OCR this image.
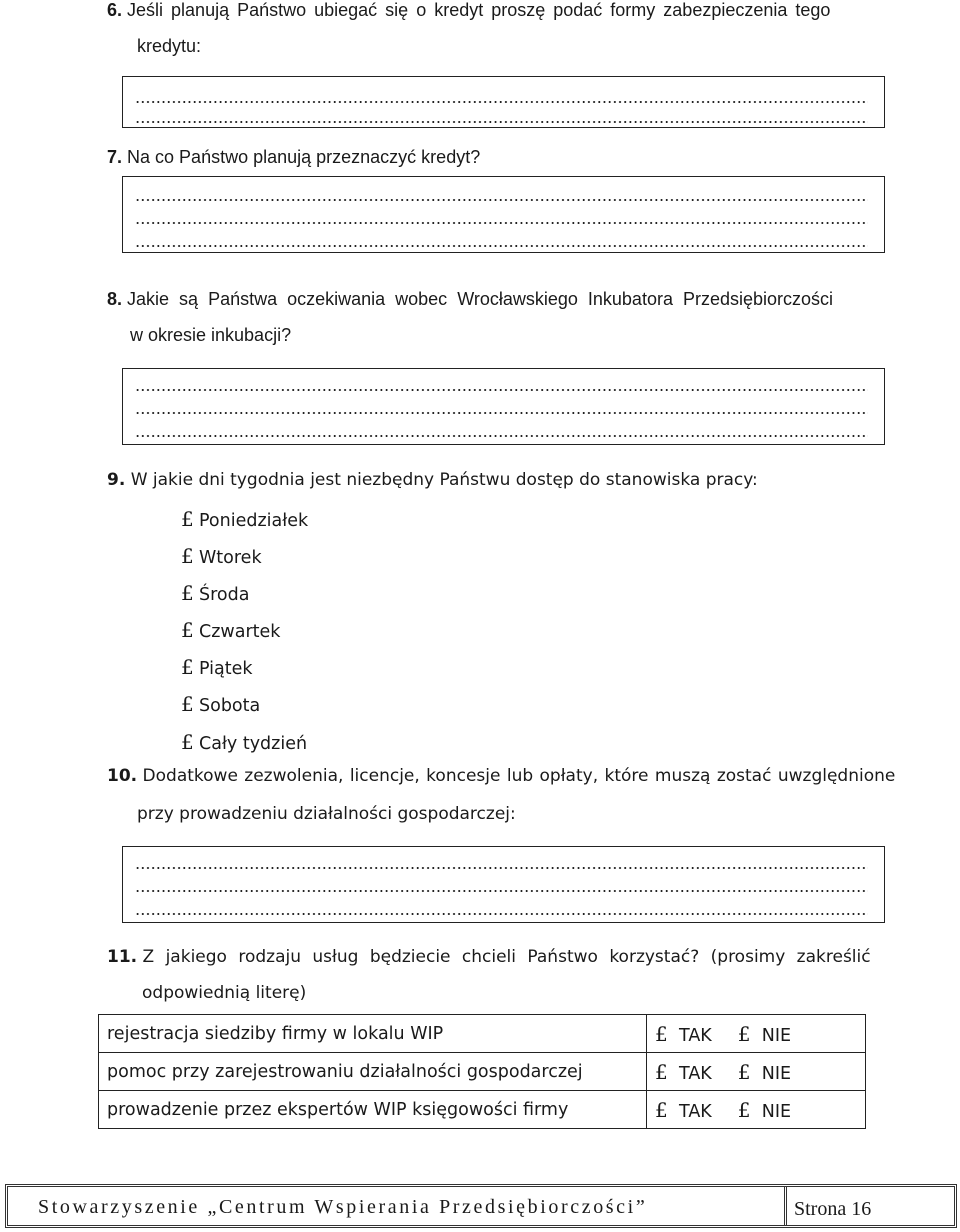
6. Jeśli planują Państwo ubiegać się o kredyt proszę podać formy zabezpieczenia tego
kredytu:
7. Na co Państwo planują przeznaczyć kredyt?
8. Jakie są Państwa oczekiwania wobec Wrocławskiego Inkubatora Przedsiębiorczości
w okresie inkubacji?
9. W jakie dni tygodnia jest niezbędny Państwu dostęp do stanowiska pracy:
£ Poniedziałek
£ Wtorek
£ Środa
£ Czwartek
£ Piątek
£ Sobota
£ Cały tydzień
10. Dodatkowe zezwolenia, licencje, koncesje lub opłaty, które muszą zostać uwzględnione
przy prowadzeniu działalności gospodarczej:
11. Z jakiego rodzaju usług będziecie chcieli Państwo korzystać? (prosimy zakreślić
odpowiednią literę)
rejestracja siedziby firmy w lokalu WIP	£ TAK £ NIE
pomoc przy zarejestrowaniu działalności gospodarczej	£ TAK £ NIE
prowadzenie przez ekspertów WIP księgowości firmy	£ TAK £ NIE
Stowarzyszenie „Centrum Wspierania Przedsiębiorczości”	Strona 16
